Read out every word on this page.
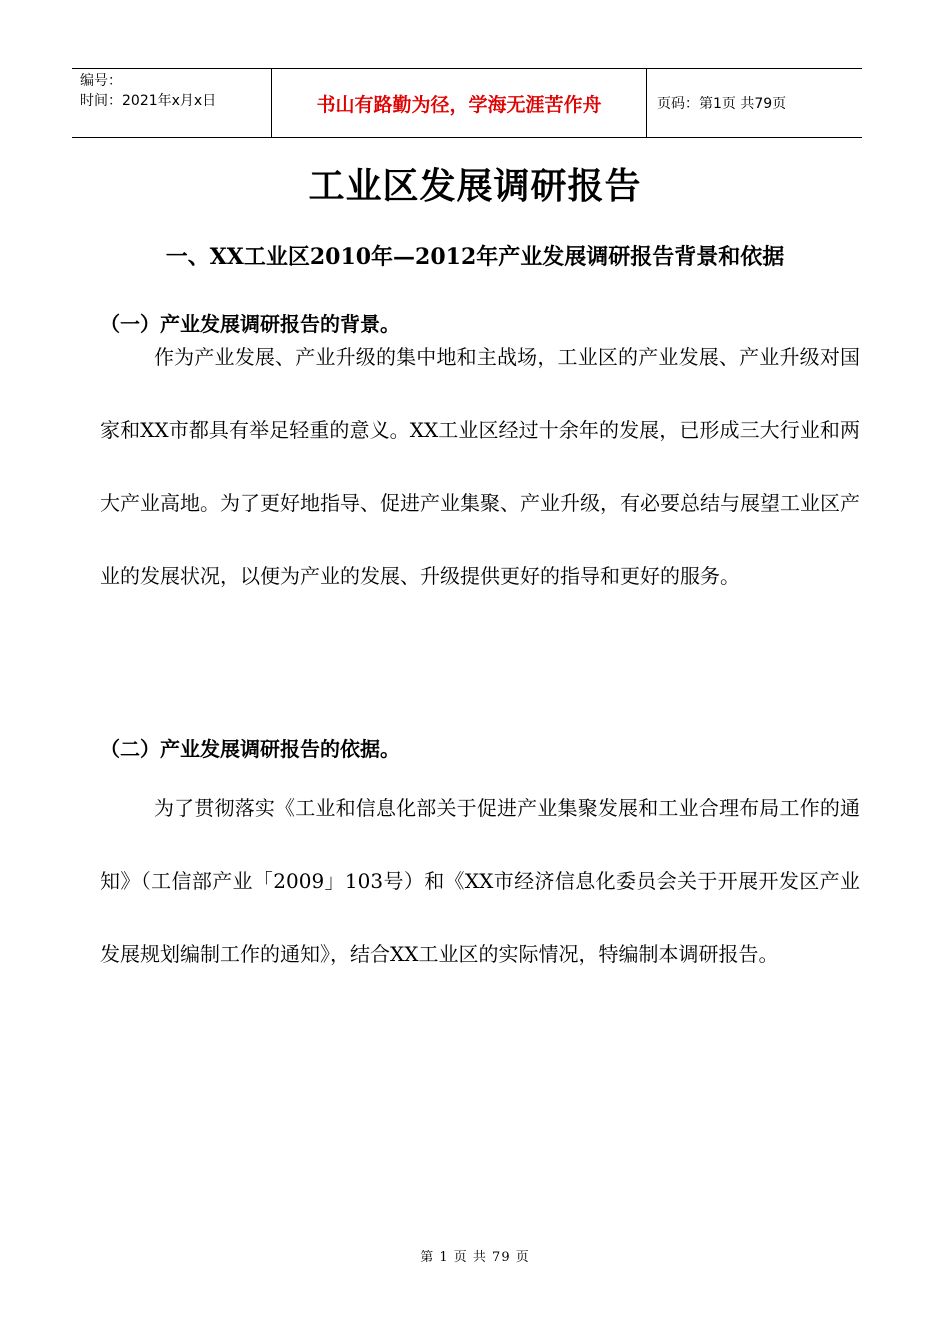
编号：
时间：2021年x月x日	书山有路勤为径，学海无涯苦作舟	页码：第1页 共79页
工业区发展调研报告
一、XX工业区2010年—2012年产业发展调研报告背景和依据
（一）产业发展调研报告的背景。

作为产业发展、产业升级的集中地和主战场，工业区的产业发展、产业升级对国家和XX市都具有举足轻重的意义。XX工业区经过十余年的发展，已形成三大行业和两大产业高地。为了更好地指导、促进产业集聚、产业升级，有必要总结与展望工业区产业的发展状况，以便为产业的发展、升级提供更好的指导和更好的服务。

（二）产业发展调研报告的依据。

为了贯彻落实《工业和信息化部关于促进产业集聚发展和工业合理布局工作的通知》（工信部产业「2009」103号）和《XX市经济信息化委员会关于开展开发区产业发展规划编制工作的通知》，结合XX工业区的实际情况，特编制本调研报告。

第 1 页 共 79 页
